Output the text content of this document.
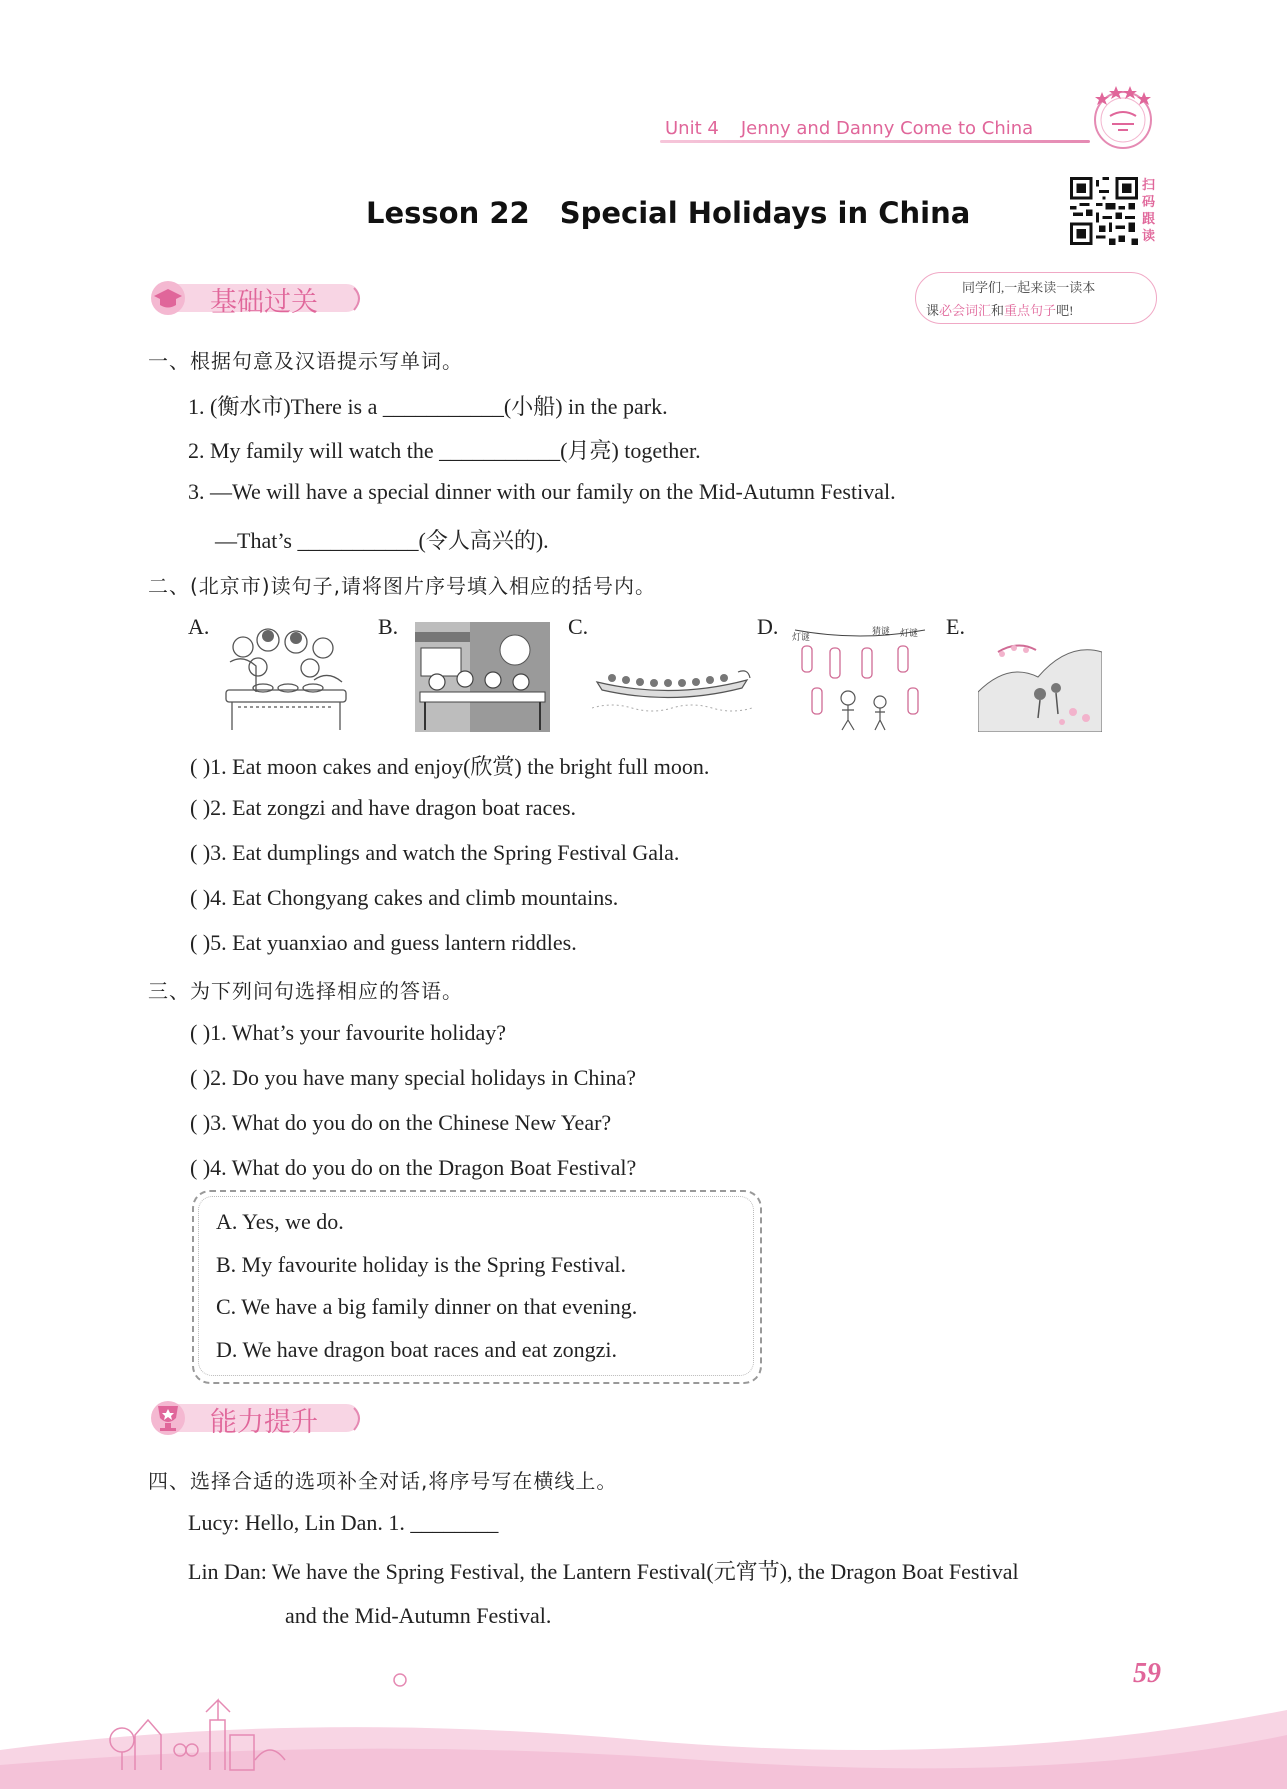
Unit 4 Jenny and Danny Come to China
Lesson 22 Special Holidays in China
扫码跟读
同学们,一起来读一读本
课必会词汇和重点句子吧!
基础过关
一、根据句意及汉语提示写单词。
1. (衡水市)There is a ___________(小船) in the park.
2. My family will watch the ___________(月亮) together.
3. —We will have a special dinner with our family on the Mid-Autumn Festival.
—That’s ___________(令人高兴的).
二、(北京市)读句子,请将图片序号填入相应的括号内。
A.	B.	C.	D. 灯谜
猜谜 灯谜 E.
( )1. Eat moon cakes and enjoy(欣赏) the bright full moon.
( )2. Eat zongzi and have dragon boat races.
( )3. Eat dumplings and watch the Spring Festival Gala.
( )4. Eat Chongyang cakes and climb mountains.
( )5. Eat yuanxiao and guess lantern riddles.
三、为下列问句选择相应的答语。
( )1. What’s your favourite holiday?
( )2. Do you have many special holidays in China?
( )3. What do you do on the Chinese New Year?
( )4. What do you do on the Dragon Boat Festival?
A. Yes, we do.
B. My favourite holiday is the Spring Festival.
C. We have a big family dinner on that evening.
D. We have dragon boat races and eat zongzi.
能力提升
四、选择合适的选项补全对话,将序号写在横线上。
Lucy: Hello, Lin Dan. 1. ________
Lin Dan: We have the Spring Festival, the Lantern Festival(元宵节), the Dragon Boat Festival
and the Mid-Autumn Festival.
59
